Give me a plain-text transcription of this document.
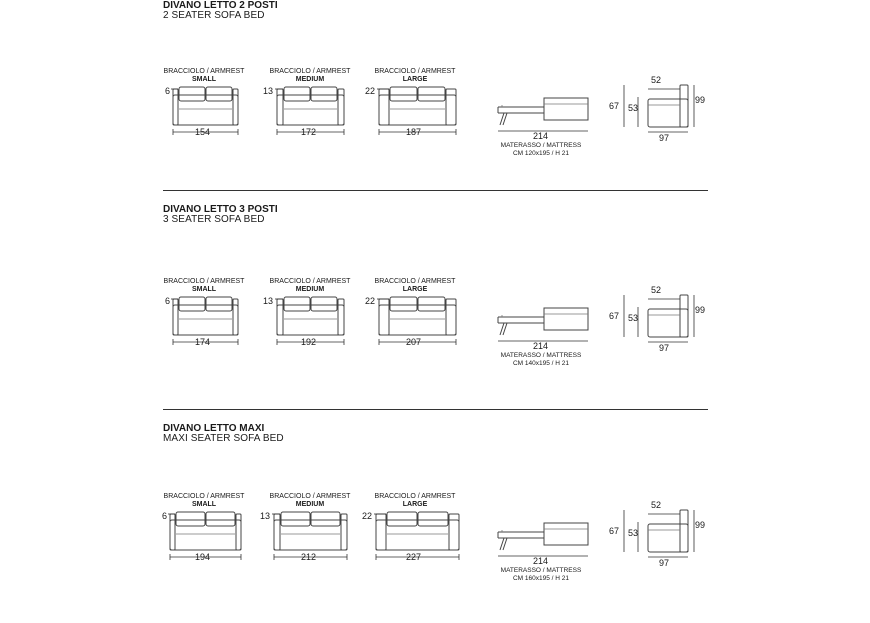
DIVANO LETTO 2 POSTI
2 SEATER SOFA BED
BRACCIOLO / ARMREST
SMALL
6
154
BRACCIOLO / ARMREST
MEDIUM
13
172
BRACCIOLO / ARMREST
LARGE
22
187	214
MATERASSO / MATTRESS
CM 120x195 / H 21
52
67 53
99
97
DIVANO LETTO 3 POSTI
3 SEATER SOFA BED
BRACCIOLO / ARMREST
SMALL
6
174
BRACCIOLO / ARMREST
MEDIUM
13
192
BRACCIOLO / ARMREST
LARGE
22
207	214
MATERASSO / MATTRESS
CM 140x195 / H 21
52
67 53
99
97
DIVANO LETTO MAXI
MAXI SEATER SOFA BED
BRACCIOLO / ARMREST
SMALL
6
194
BRACCIOLO / ARMREST
MEDIUM
13
212
BRACCIOLO / ARMREST
LARGE
22
227	214
MATERASSO / MATTRESS
CM 160x195 / H 21
52
67 53
99
97
